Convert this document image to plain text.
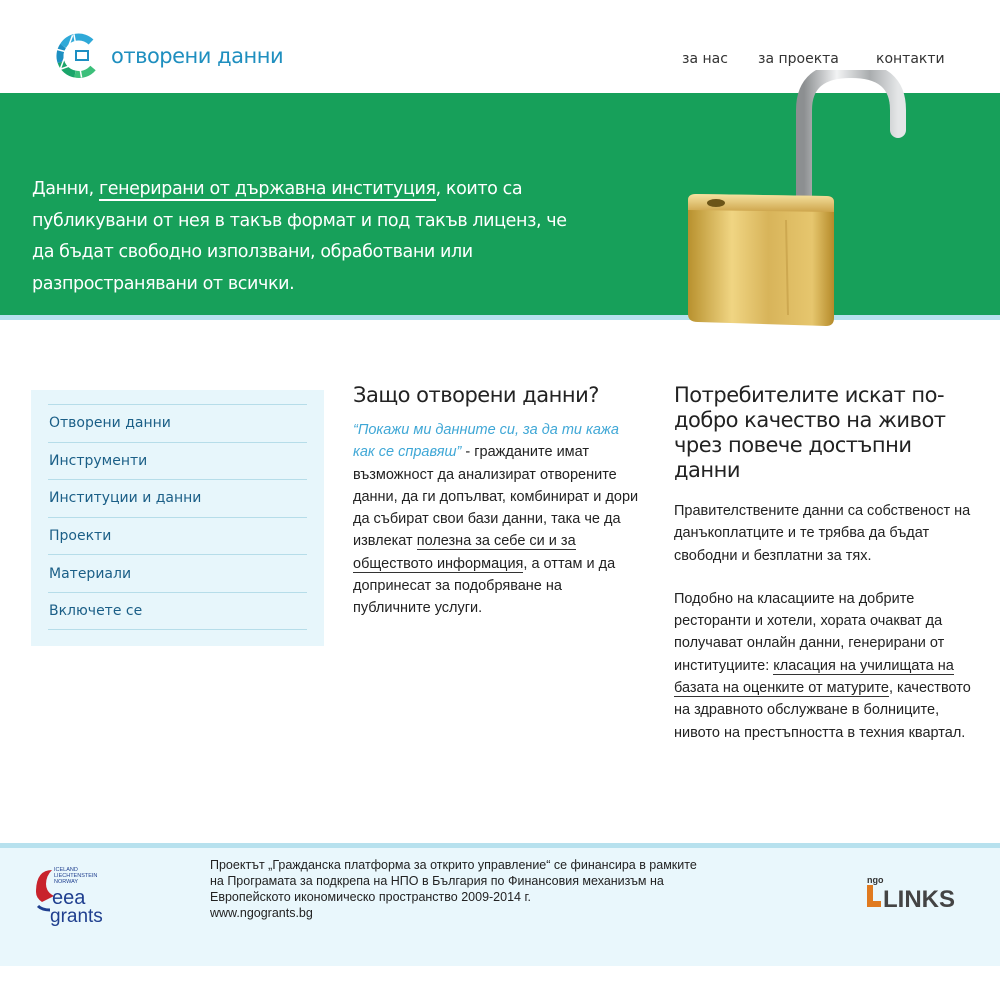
отворени данни	за нас за проекта	контакти
Данни, генерирани от държавна институция, които са публикувани от нея в такъв формат и под такъв лиценз, че да бъдат свободно използвани, обработвани или разпространявани от всички.
Отворени данни
Инструменти
Институции и данни
Проекти
Материали
Включете се
Защо отворени данни?

“Покажи ми данните си, за да ти кажа как се справяш” - гражданите имат възможност да анализират отворените данни, да ги допълват, комбинират и дори да събират свои бази данни, така че да извлекат полезна за себе си и за обществото информация, а оттам и да допринесат за подобряване на публичните услуги.

Потребителите искат по-добро качество на живот чрез повече достъпни данни

Правителствените данни са собственост на данъкоплатците и те трябва да бъдат свободни и безплатни за тях.

Подобно на класациите на добрите ресторанти и хотели, хората очакват да получават онлайн данни, генерирани от институциите: класация на училищата на базата на оценките от матурите, качеството на здравното обслужване в болниците, нивото на престъпността в техния квартал.

ICELAND
LIECHTENSTEIN
NORWAY
eea
grants
Проектът „Гражданска платформа за открито управление“ се финансира в рамките
на Програмата за подкрепа на НПО в България по Финансовия механизъм на
Европейското икономическо пространство 2009-2014 г.
www.ngogrants.bg
ngo
LINKS
